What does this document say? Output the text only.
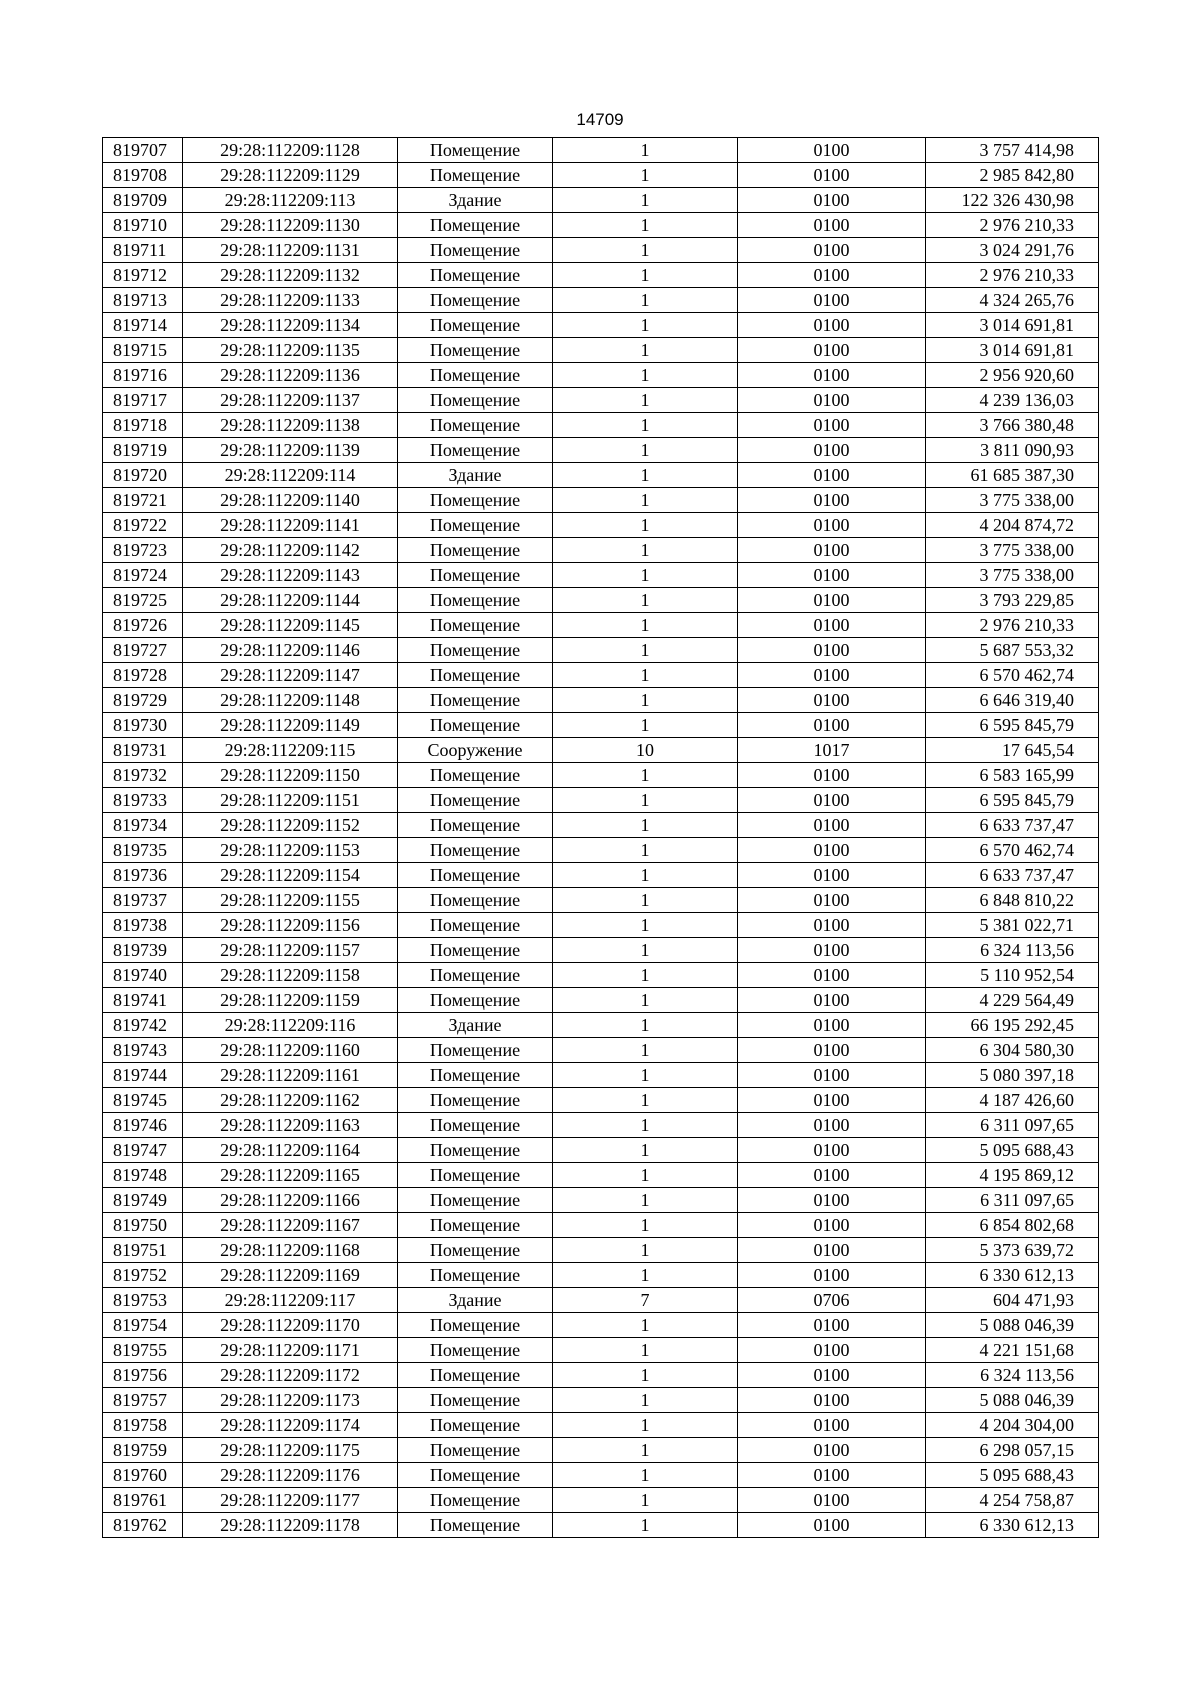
14709
819707	29:28:112209:1128	Помещение	1	0100	3 757 414,98
819708	29:28:112209:1129	Помещение	1	0100	2 985 842,80
819709	29:28:112209:113	Здание	1	0100	122 326 430,98
819710	29:28:112209:1130	Помещение	1	0100	2 976 210,33
819711	29:28:112209:1131	Помещение	1	0100	3 024 291,76
819712	29:28:112209:1132	Помещение	1	0100	2 976 210,33
819713	29:28:112209:1133	Помещение	1	0100	4 324 265,76
819714	29:28:112209:1134	Помещение	1	0100	3 014 691,81
819715	29:28:112209:1135	Помещение	1	0100	3 014 691,81
819716	29:28:112209:1136	Помещение	1	0100	2 956 920,60
819717	29:28:112209:1137	Помещение	1	0100	4 239 136,03
819718	29:28:112209:1138	Помещение	1	0100	3 766 380,48
819719	29:28:112209:1139	Помещение	1	0100	3 811 090,93
819720	29:28:112209:114	Здание	1	0100	61 685 387,30
819721	29:28:112209:1140	Помещение	1	0100	3 775 338,00
819722	29:28:112209:1141	Помещение	1	0100	4 204 874,72
819723	29:28:112209:1142	Помещение	1	0100	3 775 338,00
819724	29:28:112209:1143	Помещение	1	0100	3 775 338,00
819725	29:28:112209:1144	Помещение	1	0100	3 793 229,85
819726	29:28:112209:1145	Помещение	1	0100	2 976 210,33
819727	29:28:112209:1146	Помещение	1	0100	5 687 553,32
819728	29:28:112209:1147	Помещение	1	0100	6 570 462,74
819729	29:28:112209:1148	Помещение	1	0100	6 646 319,40
819730	29:28:112209:1149	Помещение	1	0100	6 595 845,79
819731	29:28:112209:115	Сооружение	10	1017	17 645,54
819732	29:28:112209:1150	Помещение	1	0100	6 583 165,99
819733	29:28:112209:1151	Помещение	1	0100	6 595 845,79
819734	29:28:112209:1152	Помещение	1	0100	6 633 737,47
819735	29:28:112209:1153	Помещение	1	0100	6 570 462,74
819736	29:28:112209:1154	Помещение	1	0100	6 633 737,47
819737	29:28:112209:1155	Помещение	1	0100	6 848 810,22
819738	29:28:112209:1156	Помещение	1	0100	5 381 022,71
819739	29:28:112209:1157	Помещение	1	0100	6 324 113,56
819740	29:28:112209:1158	Помещение	1	0100	5 110 952,54
819741	29:28:112209:1159	Помещение	1	0100	4 229 564,49
819742	29:28:112209:116	Здание	1	0100	66 195 292,45
819743	29:28:112209:1160	Помещение	1	0100	6 304 580,30
819744	29:28:112209:1161	Помещение	1	0100	5 080 397,18
819745	29:28:112209:1162	Помещение	1	0100	4 187 426,60
819746	29:28:112209:1163	Помещение	1	0100	6 311 097,65
819747	29:28:112209:1164	Помещение	1	0100	5 095 688,43
819748	29:28:112209:1165	Помещение	1	0100	4 195 869,12
819749	29:28:112209:1166	Помещение	1	0100	6 311 097,65
819750	29:28:112209:1167	Помещение	1	0100	6 854 802,68
819751	29:28:112209:1168	Помещение	1	0100	5 373 639,72
819752	29:28:112209:1169	Помещение	1	0100	6 330 612,13
819753	29:28:112209:117	Здание	7	0706	604 471,93
819754	29:28:112209:1170	Помещение	1	0100	5 088 046,39
819755	29:28:112209:1171	Помещение	1	0100	4 221 151,68
819756	29:28:112209:1172	Помещение	1	0100	6 324 113,56
819757	29:28:112209:1173	Помещение	1	0100	5 088 046,39
819758	29:28:112209:1174	Помещение	1	0100	4 204 304,00
819759	29:28:112209:1175	Помещение	1	0100	6 298 057,15
819760	29:28:112209:1176	Помещение	1	0100	5 095 688,43
819761	29:28:112209:1177	Помещение	1	0100	4 254 758,87
819762	29:28:112209:1178	Помещение	1	0100	6 330 612,13
